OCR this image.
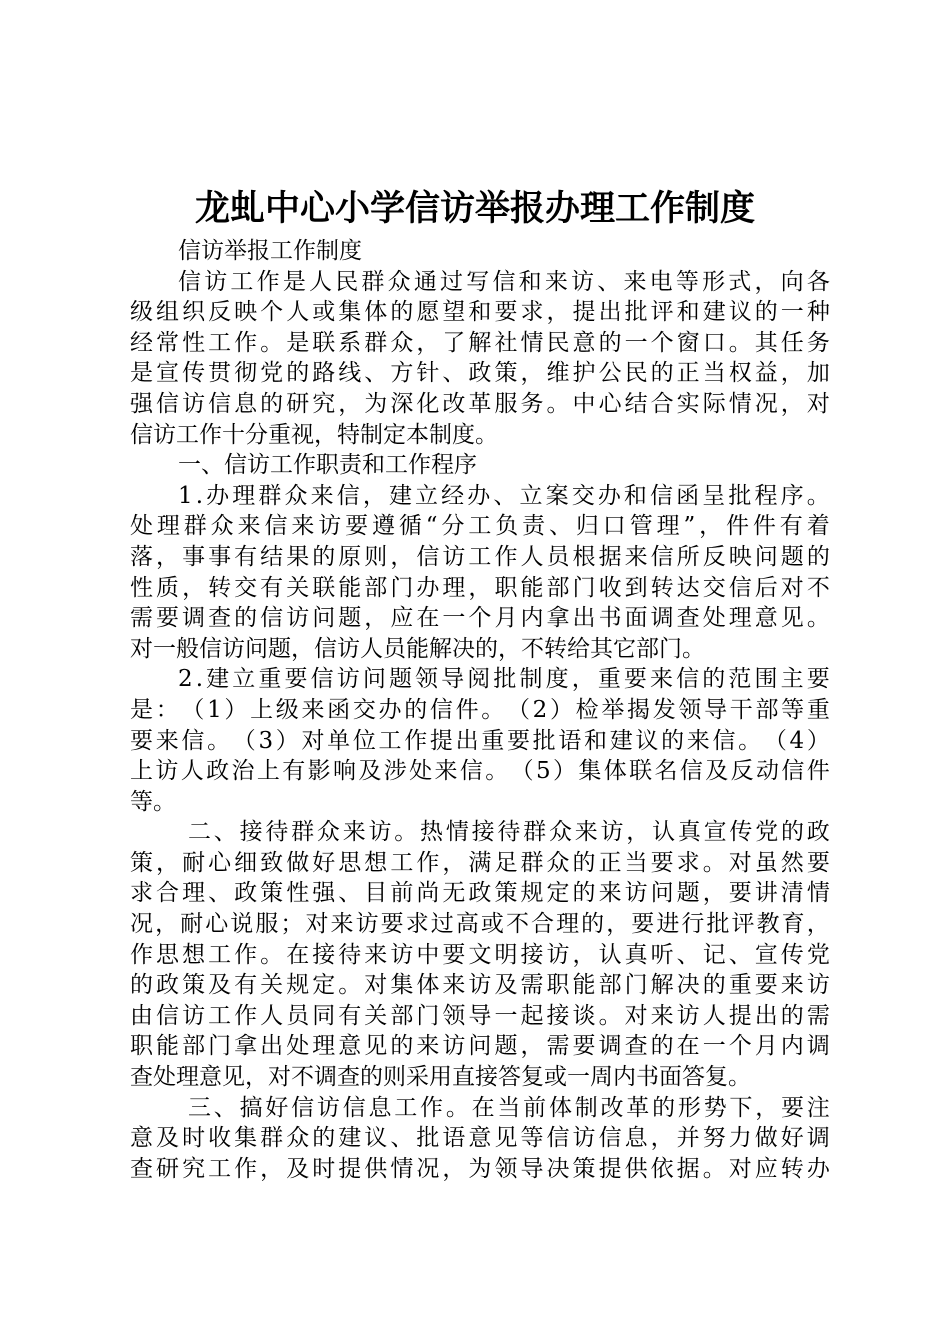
龙虬中心小学信访举报办理工作制度
信访举报工作制度
信 访 工 作 是 人 民 群 众 通 过 写 信 和 来 访 、 来 电 等 形 式 ， 向 各
级 组 织 反 映 个 人 或 集 体 的 愿 望 和 要 求 ， 提 出 批 评 和 建 议 的 一 种
经 常 性 工 作 。 是 联 系 群 众 ， 了 解 社 情 民 意 的 一 个 窗 口 。 其 任 务
是 宣 传 贯 彻 党 的 路 线 、 方 针 、 政 策 ， 维 护 公 民 的 正 当 权 益 ， 加
强 信 访 信 息 的 研 究 ， 为 深 化 改 革 服 务 。 中 心 结 合 实 际 情 况 ， 对
信访工作十分重视，特制定本制度。
一、信访工作职责和工作程序
1 . 办 理 群 众 来 信 ， 建 立 经 办 、 立 案 交 办 和 信 函 呈 批 程 序 。
处 理 群 众 来 信 来 访 要 遵 循 “ 分 工 负 责 、 归 口 管 理 ” ， 件 件 有 着
落 ， 事 事 有 结 果 的 原 则 ， 信 访 工 作 人 员 根 据 来 信 所 反 映 问 题 的
性 质 ， 转 交 有 关 联 能 部 门 办 理 ， 职 能 部 门 收 到 转 达 交 信 后 对 不
需 要 调 查 的 信 访 问 题 ， 应 在 一 个 月 内 拿 出 书 面 调 查 处 理 意 见 。
对一般信访问题，信访人员能解决的，不转给其它部门。
2 . 建 立 重 要 信 访 问 题 领 导 阅 批 制 度 ， 重 要 来 信 的 范 围 主 要
是 ： （ 1 ） 上 级 来 函 交 办 的 信 件 。 （ 2 ） 检 举 揭 发 领 导 干 部 等 重
要 来 信 。 （ 3 ） 对 单 位 工 作 提 出 重 要 批 语 和 建 议 的 来 信 。 （ 4 ）
上 访 人 政 治 上 有 影 响 及 涉 处 来 信 。 （ 5 ） 集 体 联 名 信 及 反 动 信 件
等。
二 、 接 待 群 众 来 访 。 热 情 接 待 群 众 来 访 ， 认 真 宣 传 党 的 政
策 ， 耐 心 细 致 做 好 思 想 工 作 ， 满 足 群 众 的 正 当 要 求 。 对 虽 然 要
求 合 理 、 政 策 性 强 、 目 前 尚 无 政 策 规 定 的 来 访 问 题 ， 要 讲 清 情
况 ， 耐 心 说 服 ； 对 来 访 要 求 过 高 或 不 合 理 的 ， 要 进 行 批 评 教 育 ，
作 思 想 工 作 。 在 接 待 来 访 中 要 文 明 接 访 ， 认 真 听 、 记 、 宣 传 党
的 政 策 及 有 关 规 定 。 对 集 体 来 访 及 需 职 能 部 门 解 决 的 重 要 来 访
由 信 访 工 作 人 员 同 有 关 部 门 领 导 一 起 接 谈 。 对 来 访 人 提 出 的 需
职 能 部 门 拿 出 处 理 意 见 的 来 访 问 题 ， 需 要 调 查 的 在 一 个 月 内 调
查处理意见，对不调查的则采用直接答复或一周内书面答复。
三 、 搞 好 信 访 信 息 工 作 。 在 当 前 体 制 改 革 的 形 势 下 ， 要 注
意 及 时 收 集 群 众 的 建 议 、 批 语 意 见 等 信 访 信 息 ， 并 努 力 做 好 调
查 研 究 工 作 ， 及 时 提 供 情 况 ， 为 领 导 决 策 提 供 依 据 。 对 应 转 办
